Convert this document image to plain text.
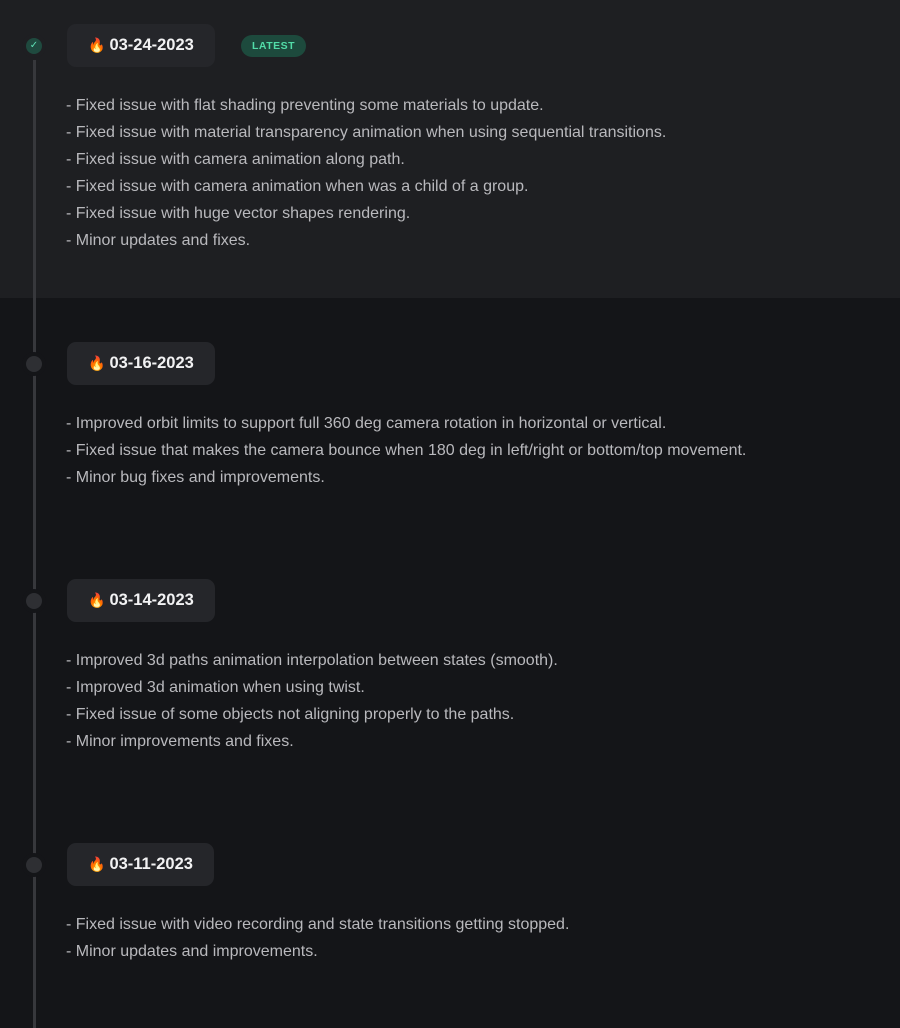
✓	🔥 03-24-2023	LATEST
- Fixed issue with flat shading preventing some materials to update.
- Fixed issue with material transparency animation when using sequential transitions.
- Fixed issue with camera animation along path.
- Fixed issue with camera animation when was a child of a group.
- Fixed issue with huge vector shapes rendering.
- Minor updates and fixes.
🔥 03-16-2023
- Improved orbit limits to support full 360 deg camera rotation in horizontal or vertical.
- Fixed issue that makes the camera bounce when 180 deg in left/right or bottom/top movement.
- Minor bug fixes and improvements.
🔥 03-14-2023
- Improved 3d paths animation interpolation between states (smooth).
- Improved 3d animation when using twist.
- Fixed issue of some objects not aligning properly to the paths.
- Minor improvements and fixes.
🔥 03-11-2023
- Fixed issue with video recording and state transitions getting stopped.
- Minor updates and improvements.
